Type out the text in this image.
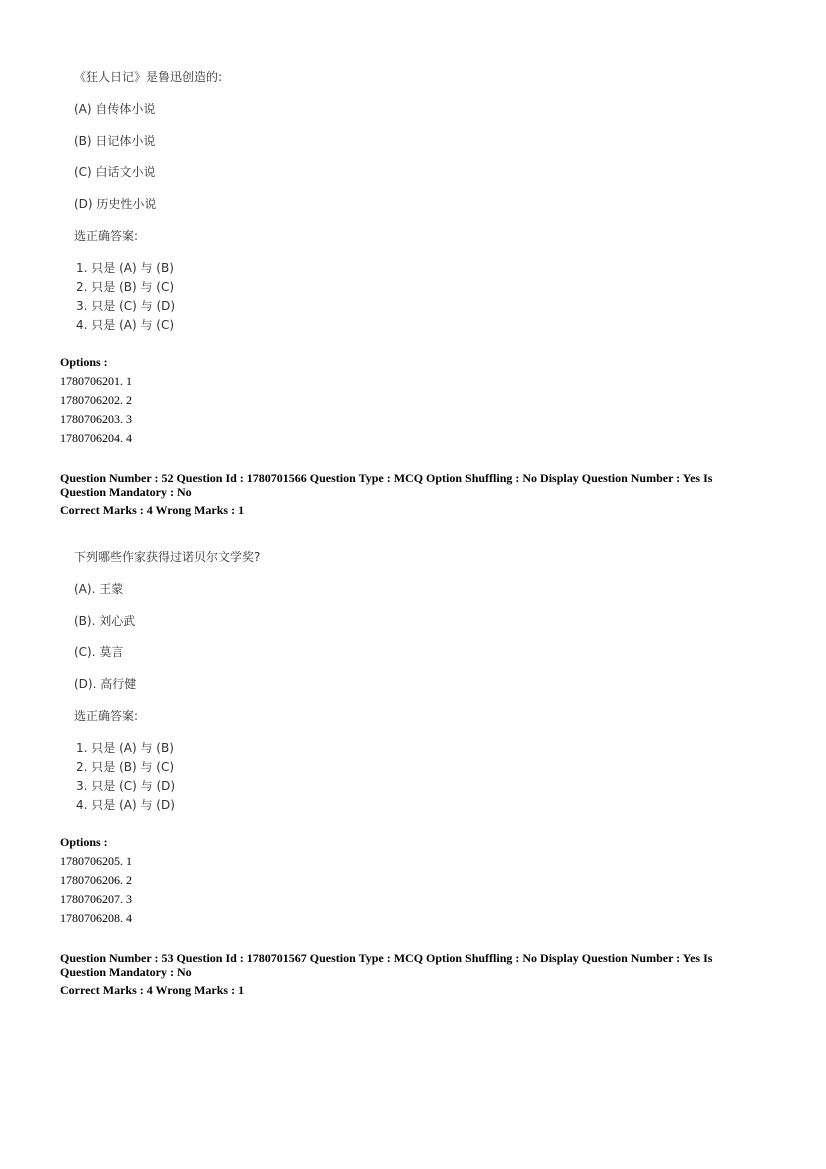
《狂人日记》是鲁迅创造的:
(A) 自传体小说
(B) 日记体小说
(C) 白话文小说
(D) 历史性小说
选正确答案:
1. 只是 (A) 与 (B)
2. 只是 (B) 与 (C)
3. 只是 (C) 与 (D)
4. 只是 (A) 与 (C)
Options :
1780706201. 1
1780706202. 2
1780706203. 3
1780706204. 4
Question Number : 52 Question Id : 1780701566 Question Type : MCQ Option Shuffling : No Display Question Number : Yes Is
Question Mandatory : No
Correct Marks : 4 Wrong Marks : 1
下列哪些作家获得过诺贝尔文学奖?
(A). 王蒙
(B). 刘心武
(C). 莫言
(D). 高行健
选正确答案:
1. 只是 (A) 与 (B)
2. 只是 (B) 与 (C)
3. 只是 (C) 与 (D)
4. 只是 (A) 与 (D)
Options :
1780706205. 1
1780706206. 2
1780706207. 3
1780706208. 4
Question Number : 53 Question Id : 1780701567 Question Type : MCQ Option Shuffling : No Display Question Number : Yes Is
Question Mandatory : No
Correct Marks : 4 Wrong Marks : 1
